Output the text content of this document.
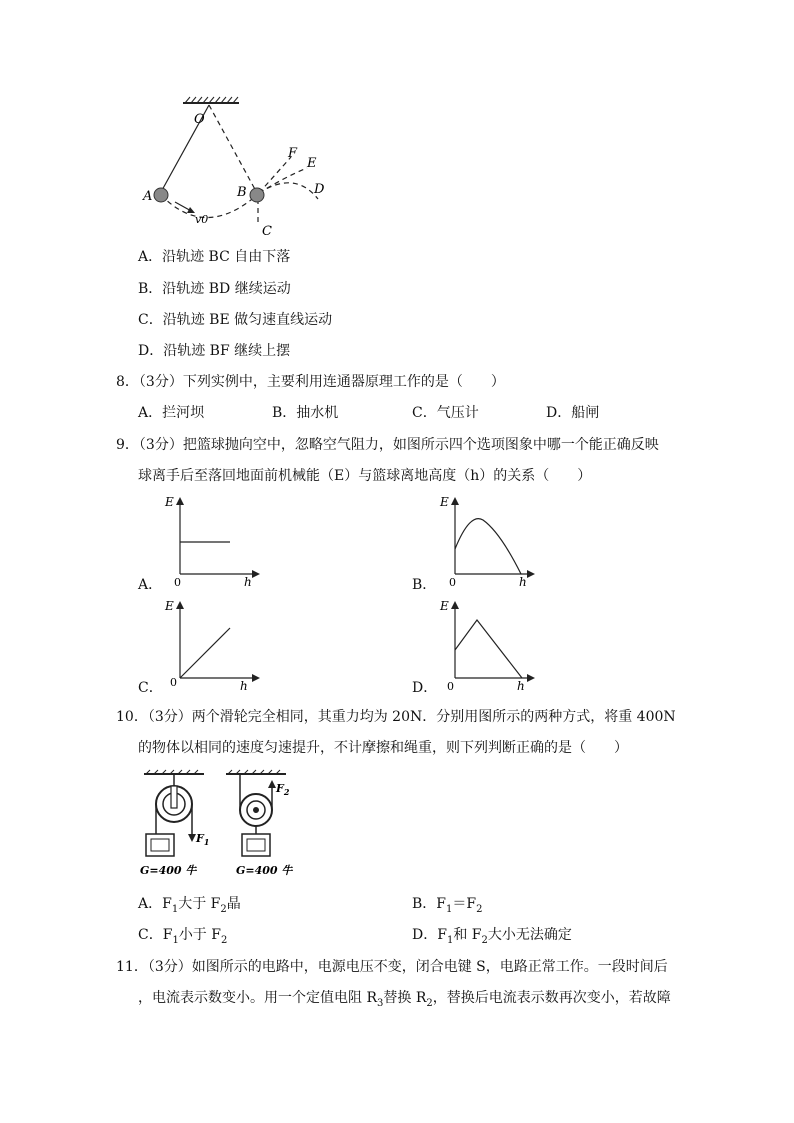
O
A	B
C
D
E
F
v0
A．沿轨迹 BC 自由下落
B．沿轨迹 BD 继续运动
C．沿轨迹 BE 做匀速直线运动
D．沿轨迹 BF 继续上摆
8．（3分）下列实例中，主要利用连通器原理工作的是（　　）
A．拦河坝	B．抽水机	C．气压计	D．船闸
9．（3分）把篮球抛向空中，忽略空气阻力，如图所示四个选项图象中哪一个能正确反映
球离手后至落回地面前机械能（E）与篮球离地高度（h）的关系（　　）
A．
E
h
0	B．
E
h
0
C．
E
h
0	D．
E
h
0
10．（3分）两个滑轮完全相同，其重力均为 20N．分别用图所示的两种方式，将重 400N
的物体以相同的速度匀速提升，不计摩擦和绳重，则下列判断正确的是（　　）
$F_1$
G=400 牛
$F_2$
G=400 牛
A．$F_1$大于 $F_2$晶	B．$F_1=F_2$
C．$F_1$小于 $F_2$	D．$F_1$和 $F_2$大小无法确定
11．（3分）如图所示的电路中，电源电压不变，闭合电键 S，电路正常工作。一段时间后
，电流表示数变小。用一个定值电阻 $R_3$替换 $R_2$，替换后电流表示数再次变小，若故障
